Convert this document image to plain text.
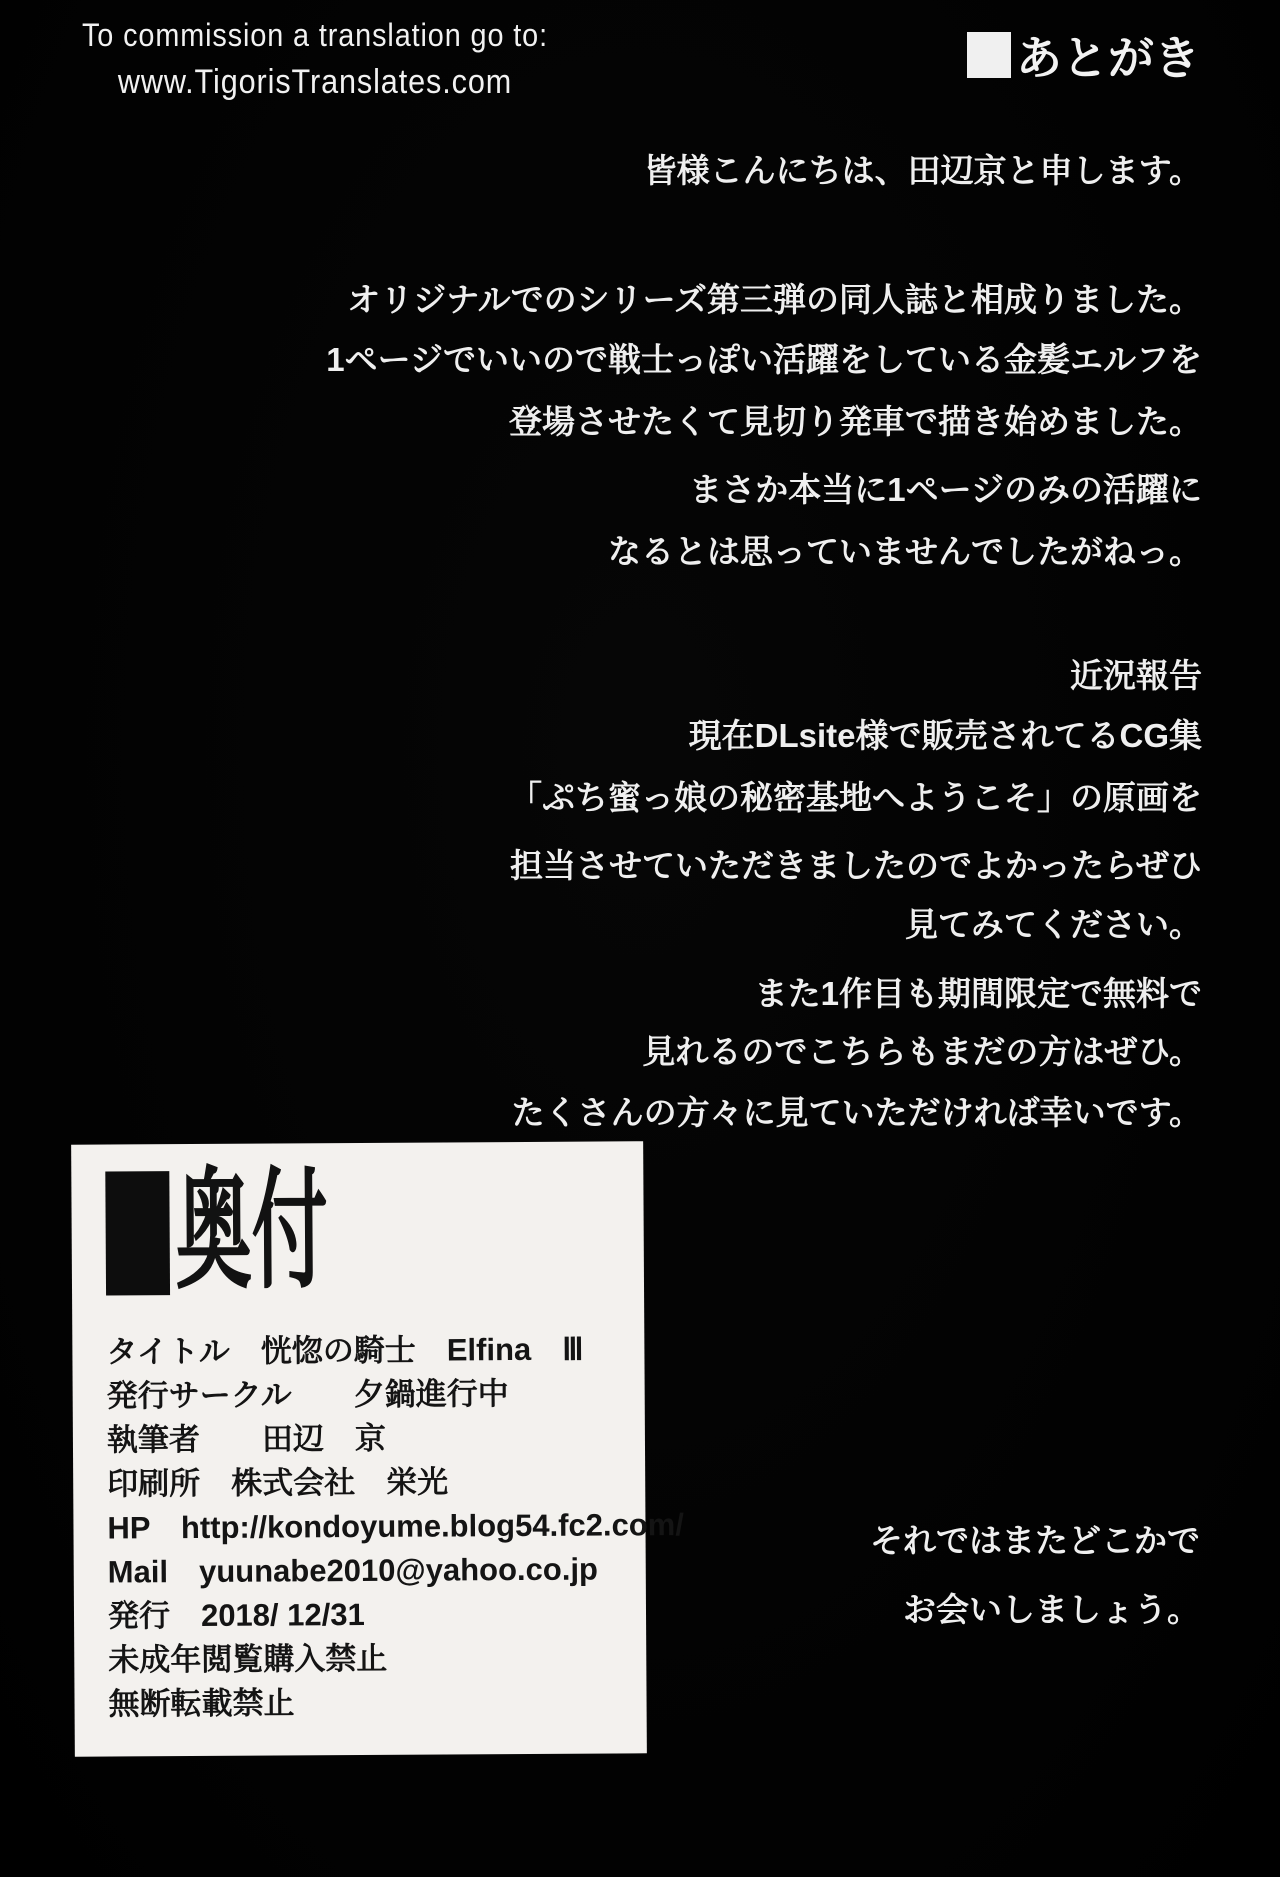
To commission a translation go to:
www.TigorisTranslates.com	あとがき
皆様こんにちは、田辺京と申します。
オリジナルでのシリーズ第三弾の同人誌と相成りました。
1ページでいいので戦士っぽい活躍をしている金髪エルフを
登場させたくて見切り発車で描き始めました。
まさか本当に1ページのみの活躍に
なるとは思っていませんでしたがねっ。
近況報告
現在DLsite様で販売されてるCG集
「ぷち蜜っ娘の秘密基地へようこそ」の原画を
担当させていただきましたのでよかったらぜひ
見てみてください。
また1作目も期間限定で無料で
見れるのでこちらもまだの方はぜひ。
たくさんの方々に見ていただければ幸いです。
それではまたどこかで
お会いしましょう。
奥付
タイトル　恍惚の騎士　Elfina　Ⅲ
発行サークル　　夕鍋進行中
執筆者　　田辺　京
印刷所　株式会社　栄光
HP　http://kondoyume.blog54.fc2.com/
Mail　yuunabe2010@yahoo.co.jp
発行　2018/ 12/31
未成年閲覧購入禁止
無断転載禁止
